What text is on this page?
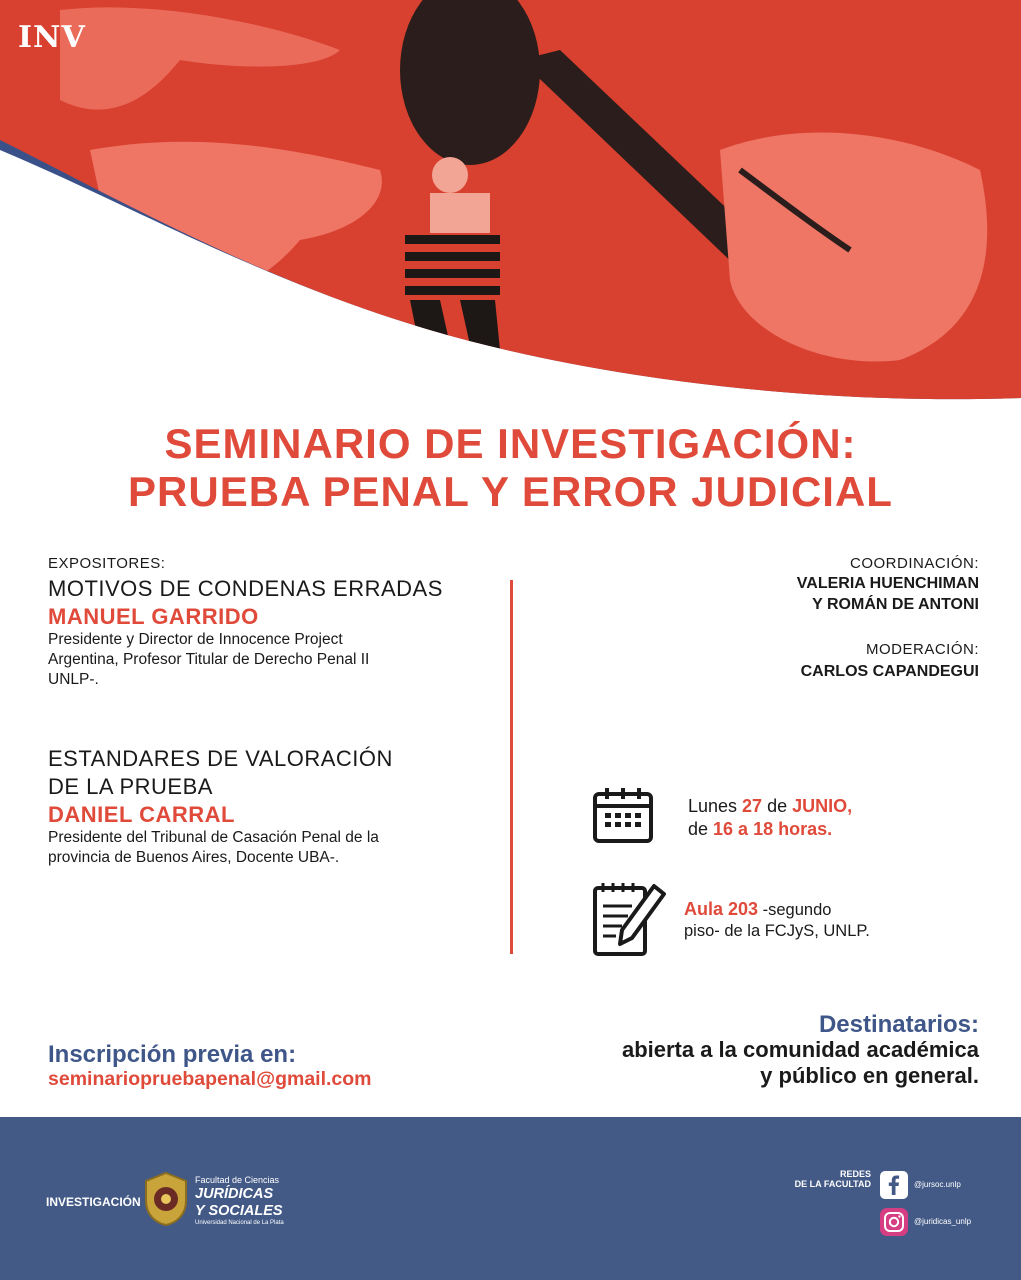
INV
SEMINARIO DE INVESTIGACIÓN:
PRUEBA PENAL Y ERROR JUDICIAL
EXPOSITORES:
MOTIVOS DE CONDENAS ERRADAS
MANUEL GARRIDO
Presidente y Director de Innocence Project
Argentina, Profesor Titular de Derecho Penal II
UNLP-.
ESTANDARES DE VALORACIÓN
DE LA PRUEBA
DANIEL CARRAL
Presidente del Tribunal de Casación Penal de la
provincia de Buenos Aires, Docente UBA-.
COORDINACIÓN:
VALERIA HUENCHIMAN
Y ROMÁN DE ANTONI
MODERACIÓN:
CARLOS CAPANDEGUI
Lunes 27 de JUNIO,
de 16 a 18 horas.
Aula 203 -segundo
piso- de la FCJyS, UNLP.
Inscripción previa en:
seminariopruebapenal@gmail.com
Destinatarios:
abierta a la comunidad académica
y público en general.
INVESTIGACIÓN
Facultad de Ciencias
JURÍDICAS
Y SOCIALES
Universidad Nacional de La Plata
REDES
DE LA FACULTAD	@jursoc.unlp
@juridicas_unlp
